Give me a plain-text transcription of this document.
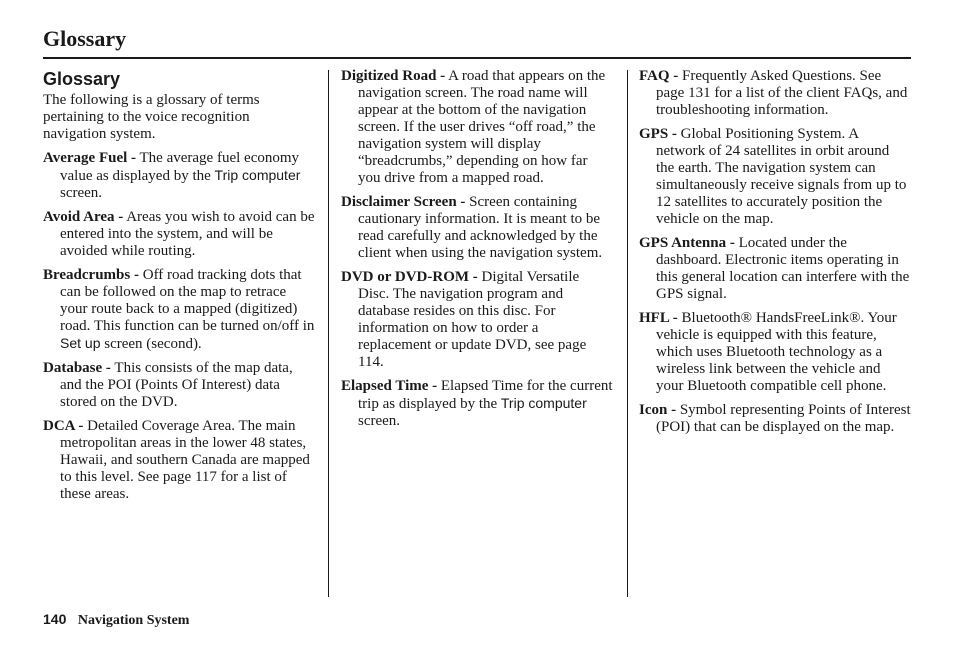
Glossary
Glossary

The following is a glossary of terms pertaining to the voice recognition navigation system.

Average Fuel - The average fuel economy value as displayed by the Trip computer screen.

Avoid Area - Areas you wish to avoid can be entered into the system, and will be avoided while routing.

Breadcrumbs - Off road tracking dots that can be followed on the map to retrace your route back to a mapped (digitized) road. This function can be turned on/off in Set up screen (second).

Database - This consists of the map data, and the POI (Points Of Interest) data stored on the DVD.

DCA - Detailed Coverage Area. The main metropolitan areas in the lower 48 states, Hawaii, and southern Canada are mapped to this level. See page 117 for a list of these areas.

Digitized Road - A road that appears on the navigation screen. The road name will appear at the bottom of the navigation screen. If the user drives “off road,” the navigation system will display “breadcrumbs,” depending on how far you drive from a mapped road.

Disclaimer Screen - Screen containing cautionary information. It is meant to be read carefully and acknowledged by the client when using the navigation system.

DVD or DVD-ROM - Digital Versatile Disc. The navigation program and database resides on this disc. For information on how to order a replacement or update DVD, see page 114.

Elapsed Time - Elapsed Time for the current trip as displayed by the Trip computer screen.

FAQ - Frequently Asked Questions. See page 131 for a list of the client FAQs, and troubleshooting information.

GPS - Global Positioning System. A network of 24 satellites in orbit around the earth. The navigation system can simultaneously receive signals from up to 12 satellites to accurately position the vehicle on the map.

GPS Antenna - Located under the dashboard. Electronic items operating in this general location can interfere with the GPS signal.

HFL - Bluetooth® HandsFreeLink®. Your vehicle is equipped with this feature, which uses Bluetooth technology as a wireless link between the vehicle and your Bluetooth compatible cell phone.

Icon - Symbol representing Points of Interest (POI) that can be displayed on the map.

140 Navigation System
